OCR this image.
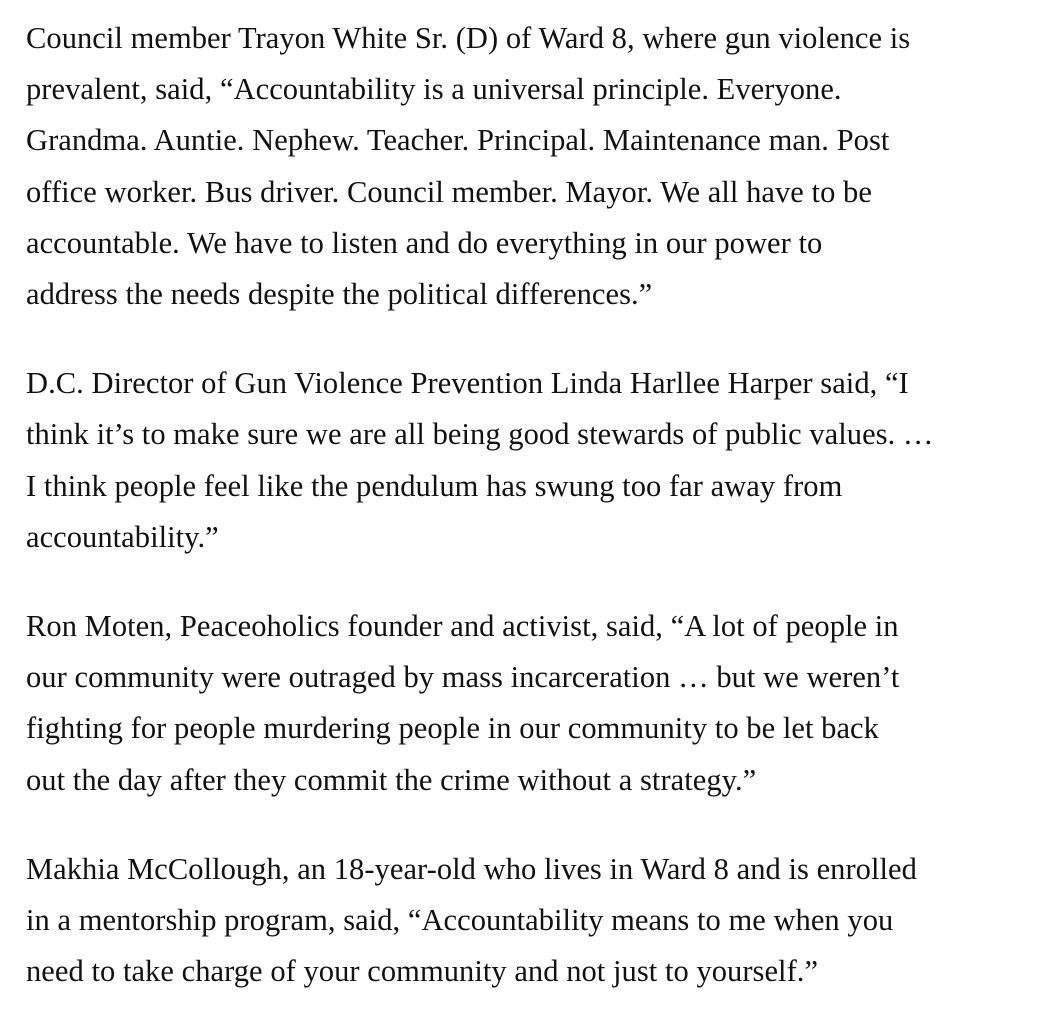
Council member Trayon White Sr. (D) of Ward 8, where gun violence is
prevalent, said, “Accountability is a universal principle. Everyone.
Grandma. Auntie. Nephew. Teacher. Principal. Maintenance man. Post
office worker. Bus driver. Council member. Mayor. We all have to be
accountable. We have to listen and do everything in our power to
address the needs despite the political differences.”

D.C. Director of Gun Violence Prevention Linda Harllee Harper said, “I
think it’s to make sure we are all being good stewards of public values. …
I think people feel like the pendulum has swung too far away from
accountability.”

Ron Moten, Peaceoholics founder and activist, said, “A lot of people in
our community were outraged by mass incarceration … but we weren’t
fighting for people murdering people in our community to be let back
out the day after they commit the crime without a strategy.”

Makhia McCollough, an 18-year-old who lives in Ward 8 and is enrolled
in a mentorship program, said, “Accountability means to me when you
need to take charge of your community and not just to yourself.”
